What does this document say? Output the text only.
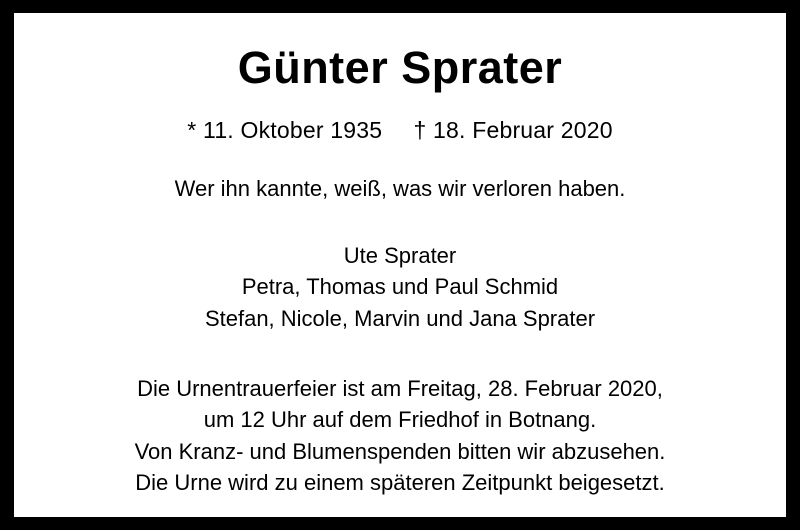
Günter Sprater
* 11. Oktober 1935 † 18. Februar 2020
Wer ihn kannte, weiß, was wir verloren haben.
Ute Sprater
Petra, Thomas und Paul Schmid
Stefan, Nicole, Marvin und Jana Sprater
Die Urnentrauerfeier ist am Freitag, 28. Februar 2020,
um 12 Uhr auf dem Friedhof in Botnang.
Von Kranz- und Blumenspenden bitten wir abzusehen.
Die Urne wird zu einem späteren Zeitpunkt beigesetzt.
